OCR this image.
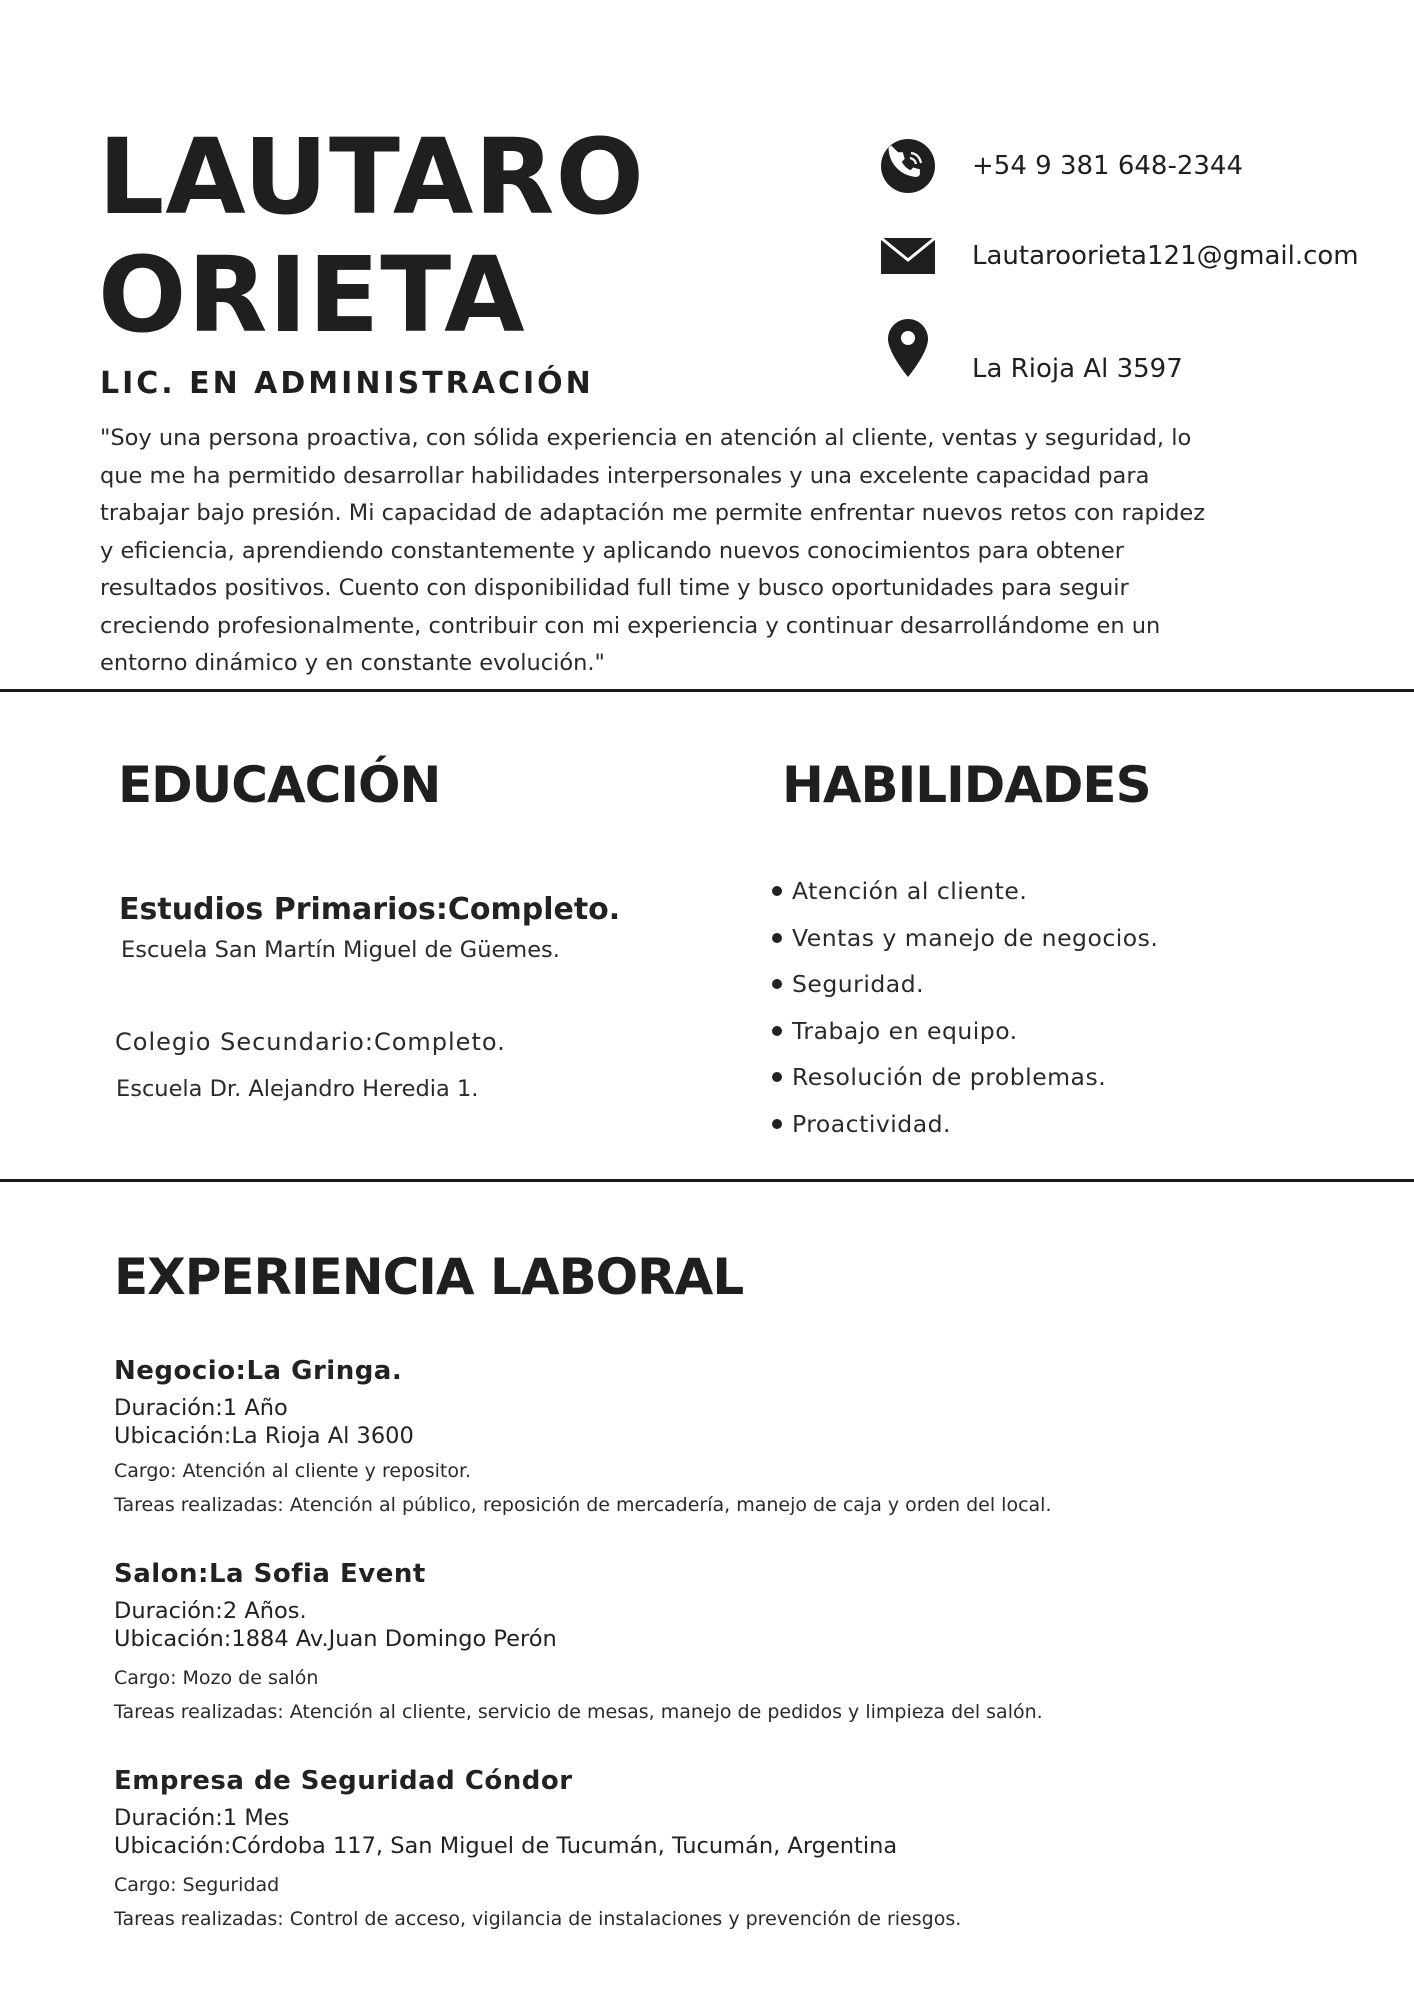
LAUTARO
ORIETA
LIC. EN ADMINISTRACIÓN
"Soy una persona proactiva, con sólida experiencia en atención al cliente, ventas y seguridad, lo que me ha permitido desarrollar habilidades interpersonales y una excelente capacidad para trabajar bajo presión. Mi capacidad de adaptación me permite enfrentar nuevos retos con rapidez y eficiencia, aprendiendo constantemente y aplicando nuevos conocimientos para obtener resultados positivos. Cuento con disponibilidad full time y busco oportunidades para seguir creciendo profesionalmente, contribuir con mi experiencia y continuar desarrollándome en un entorno dinámico y en constante evolución."
+54 9 381 648-2344
Lautaroorieta121@gmail.com
La Rioja Al 3597
EDUCACIÓN
Estudios Primarios:Completo.
Escuela San Martín Miguel de Güemes.
Colegio Secundario:Completo.
Escuela Dr. Alejandro Heredia 1.
HABILIDADES
Atención al cliente.
Ventas y manejo de negocios.
Seguridad.
Trabajo en equipo.
Resolución de problemas.
Proactividad.
EXPERIENCIA LABORAL
Negocio:La Gringa.
Duración:1 Año
Ubicación:La Rioja Al 3600
Cargo: Atención al cliente y repositor.
Tareas realizadas: Atención al público, reposición de mercadería, manejo de caja y orden del local.
Salon:La Sofia Event
Duración:2 Años.
Ubicación:1884 Av.Juan Domingo Perón
Cargo: Mozo de salón
Tareas realizadas: Atención al cliente, servicio de mesas, manejo de pedidos y limpieza del salón.
Empresa de Seguridad Cóndor
Duración:1 Mes
Ubicación:Córdoba 117, San Miguel de Tucumán, Tucumán, Argentina
Cargo: Seguridad
Tareas realizadas: Control de acceso, vigilancia de instalaciones y prevención de riesgos.
